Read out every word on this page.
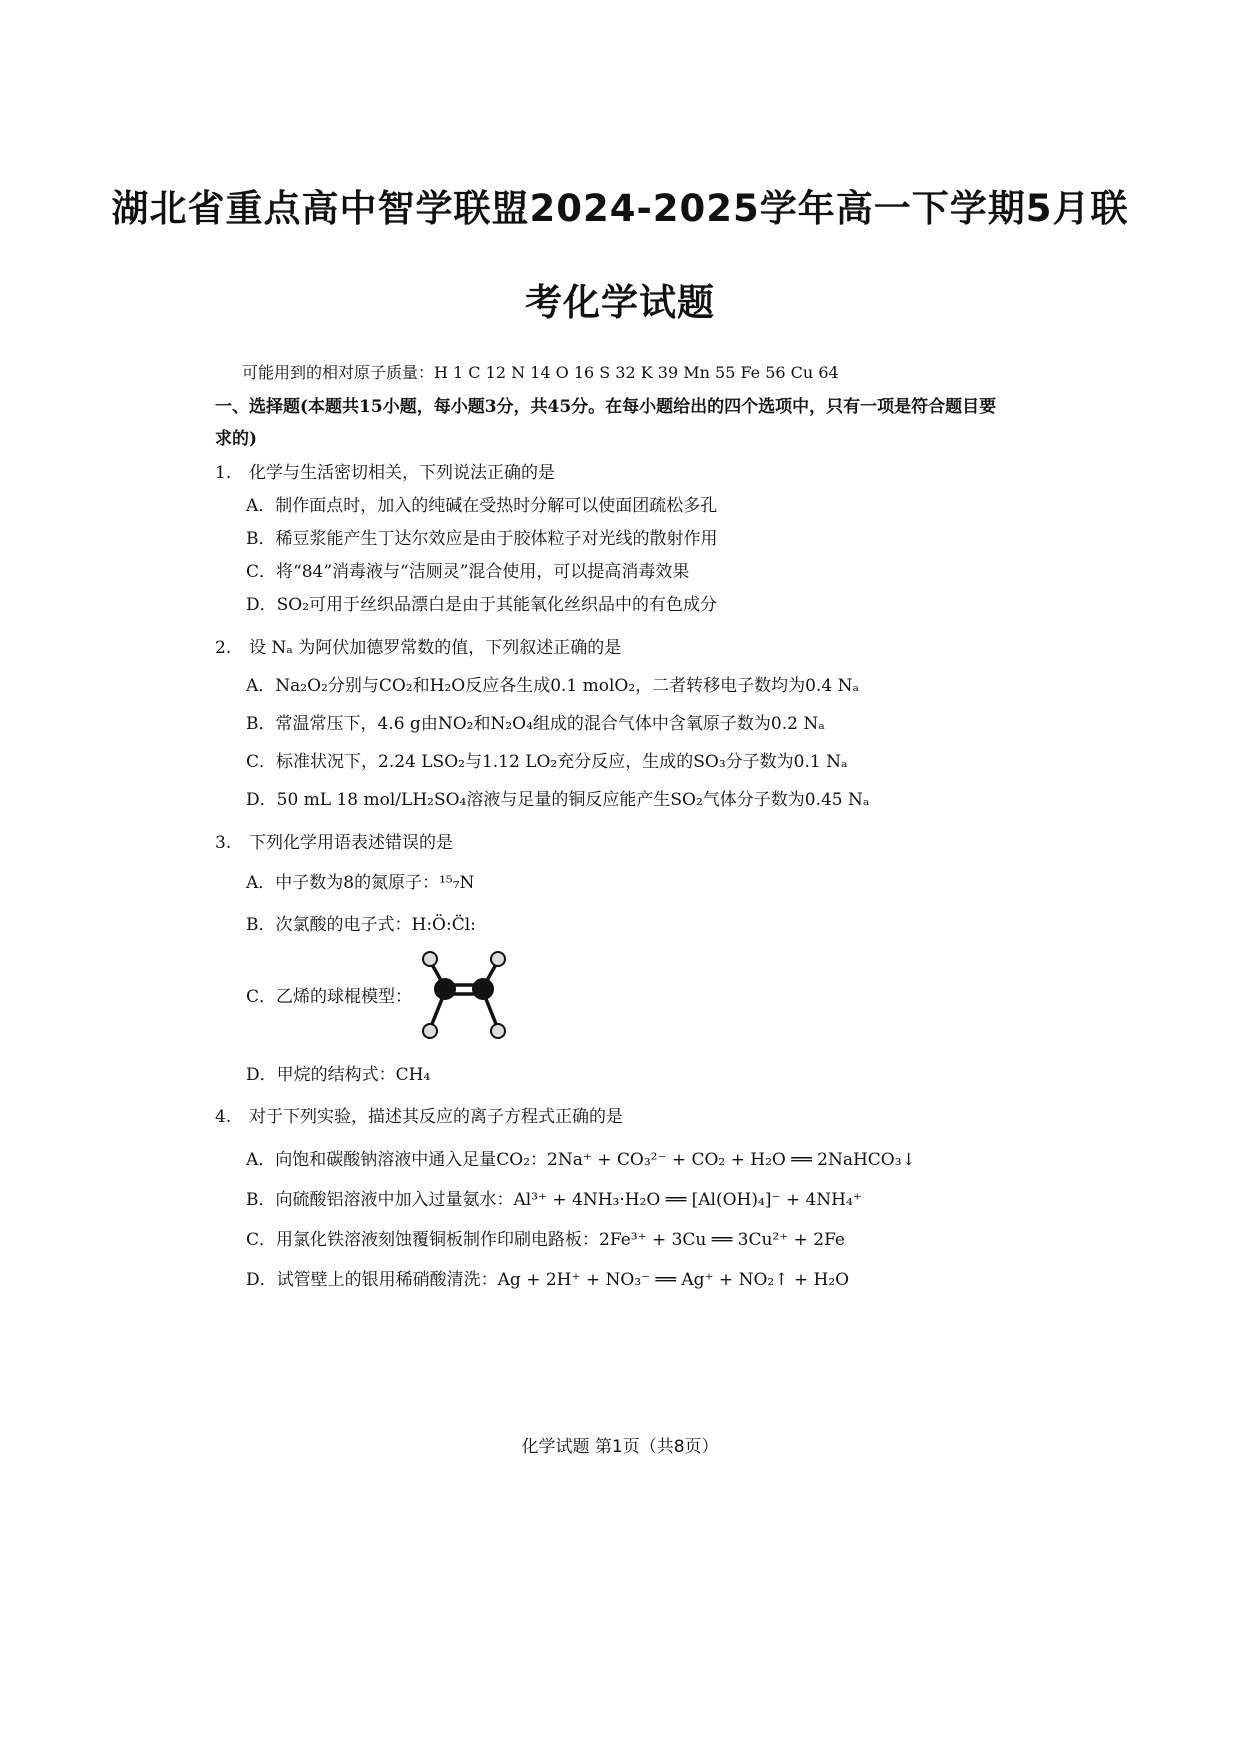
湖北省重点高中智学联盟2024-2025学年高一下学期5月联
考化学试题
可能用到的相对原子质量：H 1 C 12 N 14 O 16 S 32 K 39 Mn 55 Fe 56 Cu 64
一、选择题(本题共15小题，每小题3分，共45分。在每小题给出的四个选项中，只有一项是符合题目要
求的)
1. 化学与生活密切相关，下列说法正确的是
A．制作面点时，加入的纯碱在受热时分解可以使面团疏松多孔
B．稀豆浆能产生丁达尔效应是由于胶体粒子对光线的散射作用
C．将“84”消毒液与“洁厕灵”混合使用，可以提高消毒效果
D．SO₂可用于丝织品漂白是由于其能氧化丝织品中的有色成分
2. 设 Nₐ 为阿伏加德罗常数的值，下列叙述正确的是
A．Na₂O₂分别与CO₂和H₂O反应各生成0.1 molO₂，二者转移电子数均为0.4 Nₐ
B．常温常压下，4.6 g由NO₂和N₂O₄组成的混合气体中含氧原子数为0.2 Nₐ
C．标准状况下，2.24 LSO₂与1.12 LO₂充分反应，生成的SO₃分子数为0.1 Nₐ
D．50 mL 18 mol/LH₂SO₄溶液与足量的铜反应能产生SO₂气体分子数为0.45 Nₐ
3. 下列化学用语表述错误的是
A．中子数为8的氮原子：¹⁵₇N
B．次氯酸的电子式：H:Ö:C̈l:
C．乙烯的球棍模型：
D．甲烷的结构式：CH₄
4. 对于下列实验，描述其反应的离子方程式正确的是
A．向饱和碳酸钠溶液中通入足量CO₂：2Na⁺ + CO₃²⁻ + CO₂ + H₂O ══ 2NaHCO₃↓
B．向硫酸铝溶液中加入过量氨水：Al³⁺ + 4NH₃·H₂O ══ [Al(OH)₄]⁻ + 4NH₄⁺
C．用氯化铁溶液刻蚀覆铜板制作印刷电路板：2Fe³⁺ + 3Cu ══ 3Cu²⁺ + 2Fe
D．试管壁上的银用稀硝酸清洗：Ag + 2H⁺ + NO₃⁻ ══ Ag⁺ + NO₂↑ + H₂O
化学试题 第1页（共8页）
